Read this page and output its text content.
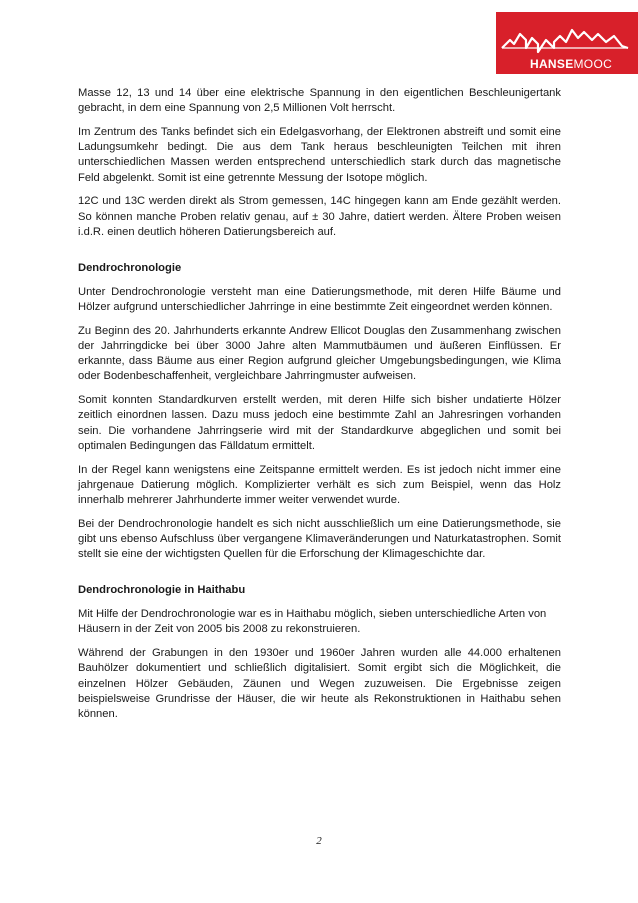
HANSEMOOC

Masse 12, 13 und 14 über eine elektrische Spannung in den eigentlichen Beschleunigertank gebracht, in dem eine Spannung von 2,5 Millionen Volt herrscht.

Im Zentrum des Tanks befindet sich ein Edelgasvorhang, der Elektronen abstreift und somit eine Ladungsumkehr bedingt. Die aus dem Tank heraus beschleunigten Teilchen mit ihren unterschiedlichen Massen werden entsprechend unterschiedlich stark durch das magnetische Feld abgelenkt. Somit ist eine getrennte Messung der Isotope möglich.

12C und 13C werden direkt als Strom gemessen, 14C hingegen kann am Ende gezählt werden. So können manche Proben relativ genau, auf ± 30 Jahre, datiert werden. Ältere Proben weisen i.d.R. einen deutlich höheren Datierungsbereich auf.

Dendrochronologie

Unter Dendrochronologie versteht man eine Datierungsmethode, mit deren Hilfe Bäume und Hölzer aufgrund unterschiedlicher Jahrringe in eine bestimmte Zeit eingeordnet werden können.

Zu Beginn des 20. Jahrhunderts erkannte Andrew Ellicot Douglas den Zusammenhang zwischen der Jahrringdicke bei über 3000 Jahre alten Mammutbäumen und äußeren Einflüssen. Er erkannte, dass Bäume aus einer Region aufgrund gleicher Umgebungsbedingungen, wie Klima oder Bodenbeschaffenheit, vergleichbare Jahrringmuster aufweisen.

Somit konnten Standardkurven erstellt werden, mit deren Hilfe sich bisher undatierte Hölzer zeitlich einordnen lassen. Dazu muss jedoch eine bestimmte Zahl an Jahresringen vorhanden sein. Die vorhandene Jahrringserie wird mit der Standardkurve abgeglichen und somit bei optimalen Bedingungen das Fälldatum ermittelt.

In der Regel kann wenigstens eine Zeitspanne ermittelt werden. Es ist jedoch nicht immer eine jahrgenaue Datierung möglich. Komplizierter verhält es sich zum Beispiel, wenn das Holz innerhalb mehrerer Jahrhunderte immer weiter verwendet wurde.

Bei der Dendrochronologie handelt es sich nicht ausschließlich um eine Datierungsmethode, sie gibt uns ebenso Aufschluss über vergangene Klimaveränderungen und Naturkatastrophen. Somit stellt sie eine der wichtigsten Quellen für die Erforschung der Klimageschichte dar.

Dendrochronologie in Haithabu

Mit Hilfe der Dendrochronologie war es in Haithabu möglich, sieben unterschiedliche Arten von Häusern in der Zeit von 2005 bis 2008 zu rekonstruieren.

Während der Grabungen in den 1930er und 1960er Jahren wurden alle 44.000 erhaltenen Bauhölzer dokumentiert und schließlich digitalisiert. Somit ergibt sich die Möglichkeit, die einzelnen Hölzer Gebäuden, Zäunen und Wegen zuzuweisen. Die Ergebnisse zeigen beispielsweise Grundrisse der Häuser, die wir heute als Rekonstruktionen in Haithabu sehen können.

2
